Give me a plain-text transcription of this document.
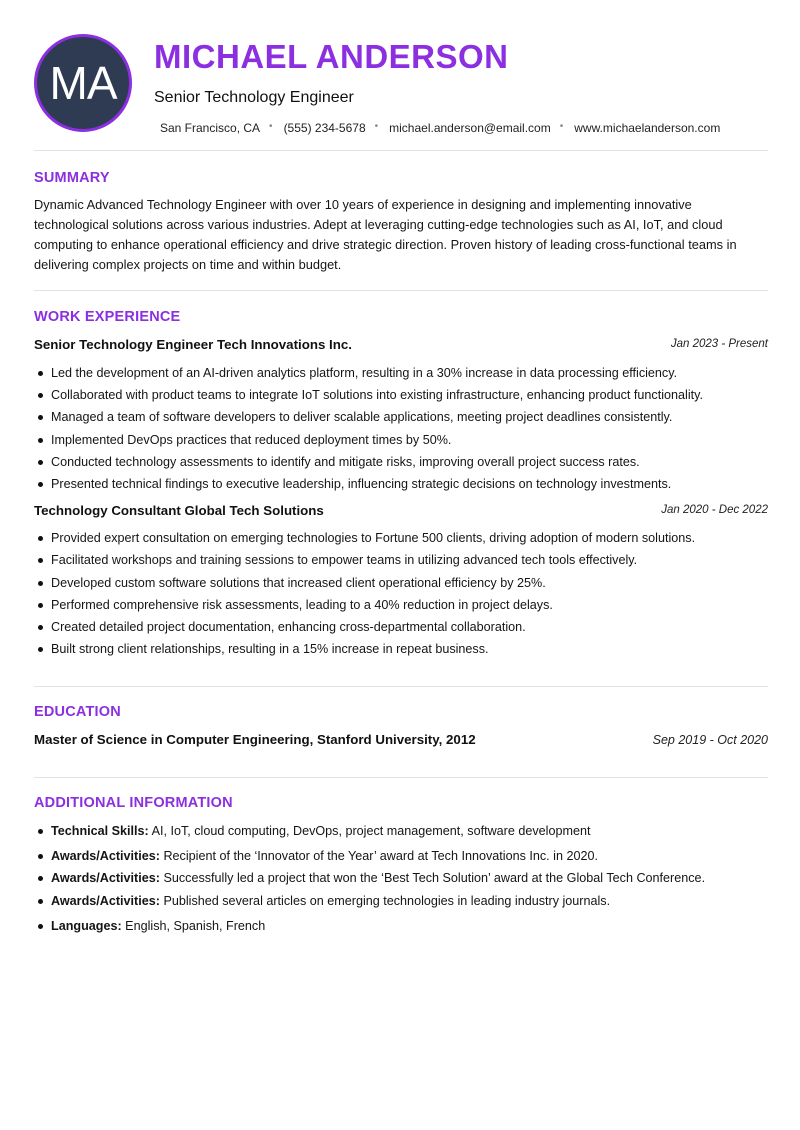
MA
MICHAEL ANDERSON
Senior Technology Engineer
San Francisco, CA • (555) 234-5678 • michael.anderson@email.com • www.michaelanderson.com
SUMMARY
Dynamic Advanced Technology Engineer with over 10 years of experience in designing and implementing innovative technological solutions across various industries. Adept at leveraging cutting-edge technologies such as AI, IoT, and cloud computing to enhance operational efficiency and drive strategic direction. Proven history of leading cross-functional teams in delivering complex projects on time and within budget.
WORK EXPERIENCE
Senior Technology Engineer Tech Innovations Inc.	Jan 2023 - Present
Led the development of an AI-driven analytics platform, resulting in a 30% increase in data processing efficiency.
Collaborated with product teams to integrate IoT solutions into existing infrastructure, enhancing product functionality.
Managed a team of software developers to deliver scalable applications, meeting project deadlines consistently.
Implemented DevOps practices that reduced deployment times by 50%.
Conducted technology assessments to identify and mitigate risks, improving overall project success rates.
Presented technical findings to executive leadership, influencing strategic decisions on technology investments.
Technology Consultant Global Tech Solutions	Jan 2020 - Dec 2022
Provided expert consultation on emerging technologies to Fortune 500 clients, driving adoption of modern solutions.
Facilitated workshops and training sessions to empower teams in utilizing advanced tech tools effectively.
Developed custom software solutions that increased client operational efficiency by 25%.
Performed comprehensive risk assessments, leading to a 40% reduction in project delays.
Created detailed project documentation, enhancing cross-departmental collaboration.
Built strong client relationships, resulting in a 15% increase in repeat business.
EDUCATION
Master of Science in Computer Engineering, Stanford University, 2012	Sep 2019 - Oct 2020
ADDITIONAL INFORMATION
Technical Skills: AI, IoT, cloud computing, DevOps, project management, software development
Awards/Activities: Recipient of the ‘Innovator of the Year’ award at Tech Innovations Inc. in 2020.
Awards/Activities: Successfully led a project that won the ‘Best Tech Solution’ award at the Global Tech Conference.
Awards/Activities: Published several articles on emerging technologies in leading industry journals.
Languages: English, Spanish, French
